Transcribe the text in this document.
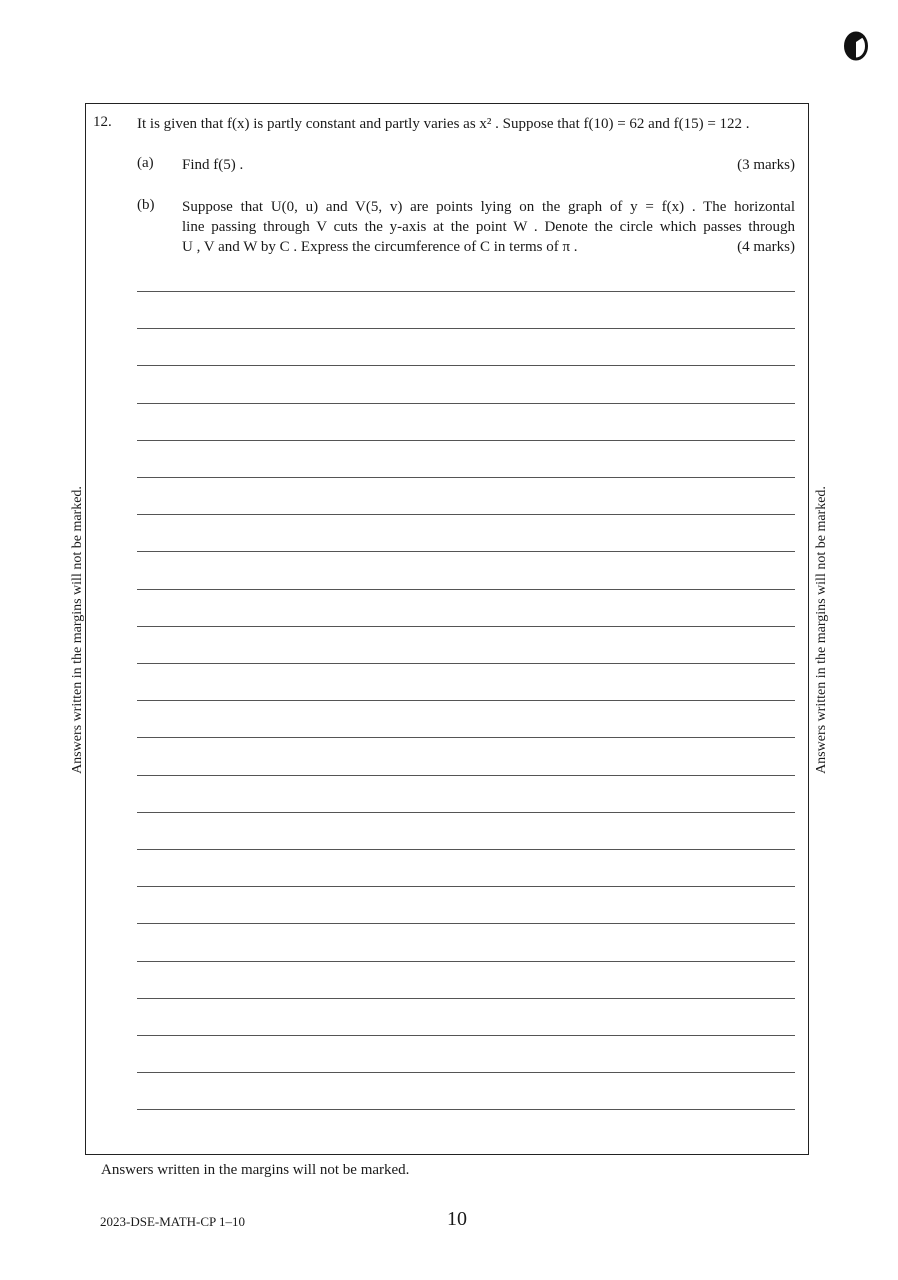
12. It is given that f(x) is partly constant and partly varies as x² . Suppose that f(10) = 62 and f(15) = 122 .
(a) Find f(5) .	(3 marks)
(b) Suppose that U(0, u) and V(5, v) are points lying on the graph of y = f(x) . The horizontal
line passing through V cuts the y-axis at the point W . Denote the circle which passes through
U , V and W by C . Express the circumference of C in terms of π .	(4 marks)
Answers written in the margins will not be marked.	Answers written in the margins will not be marked.
Answers written in the margins will not be marked.
2023-DSE-MATH-CP 1–10	10
